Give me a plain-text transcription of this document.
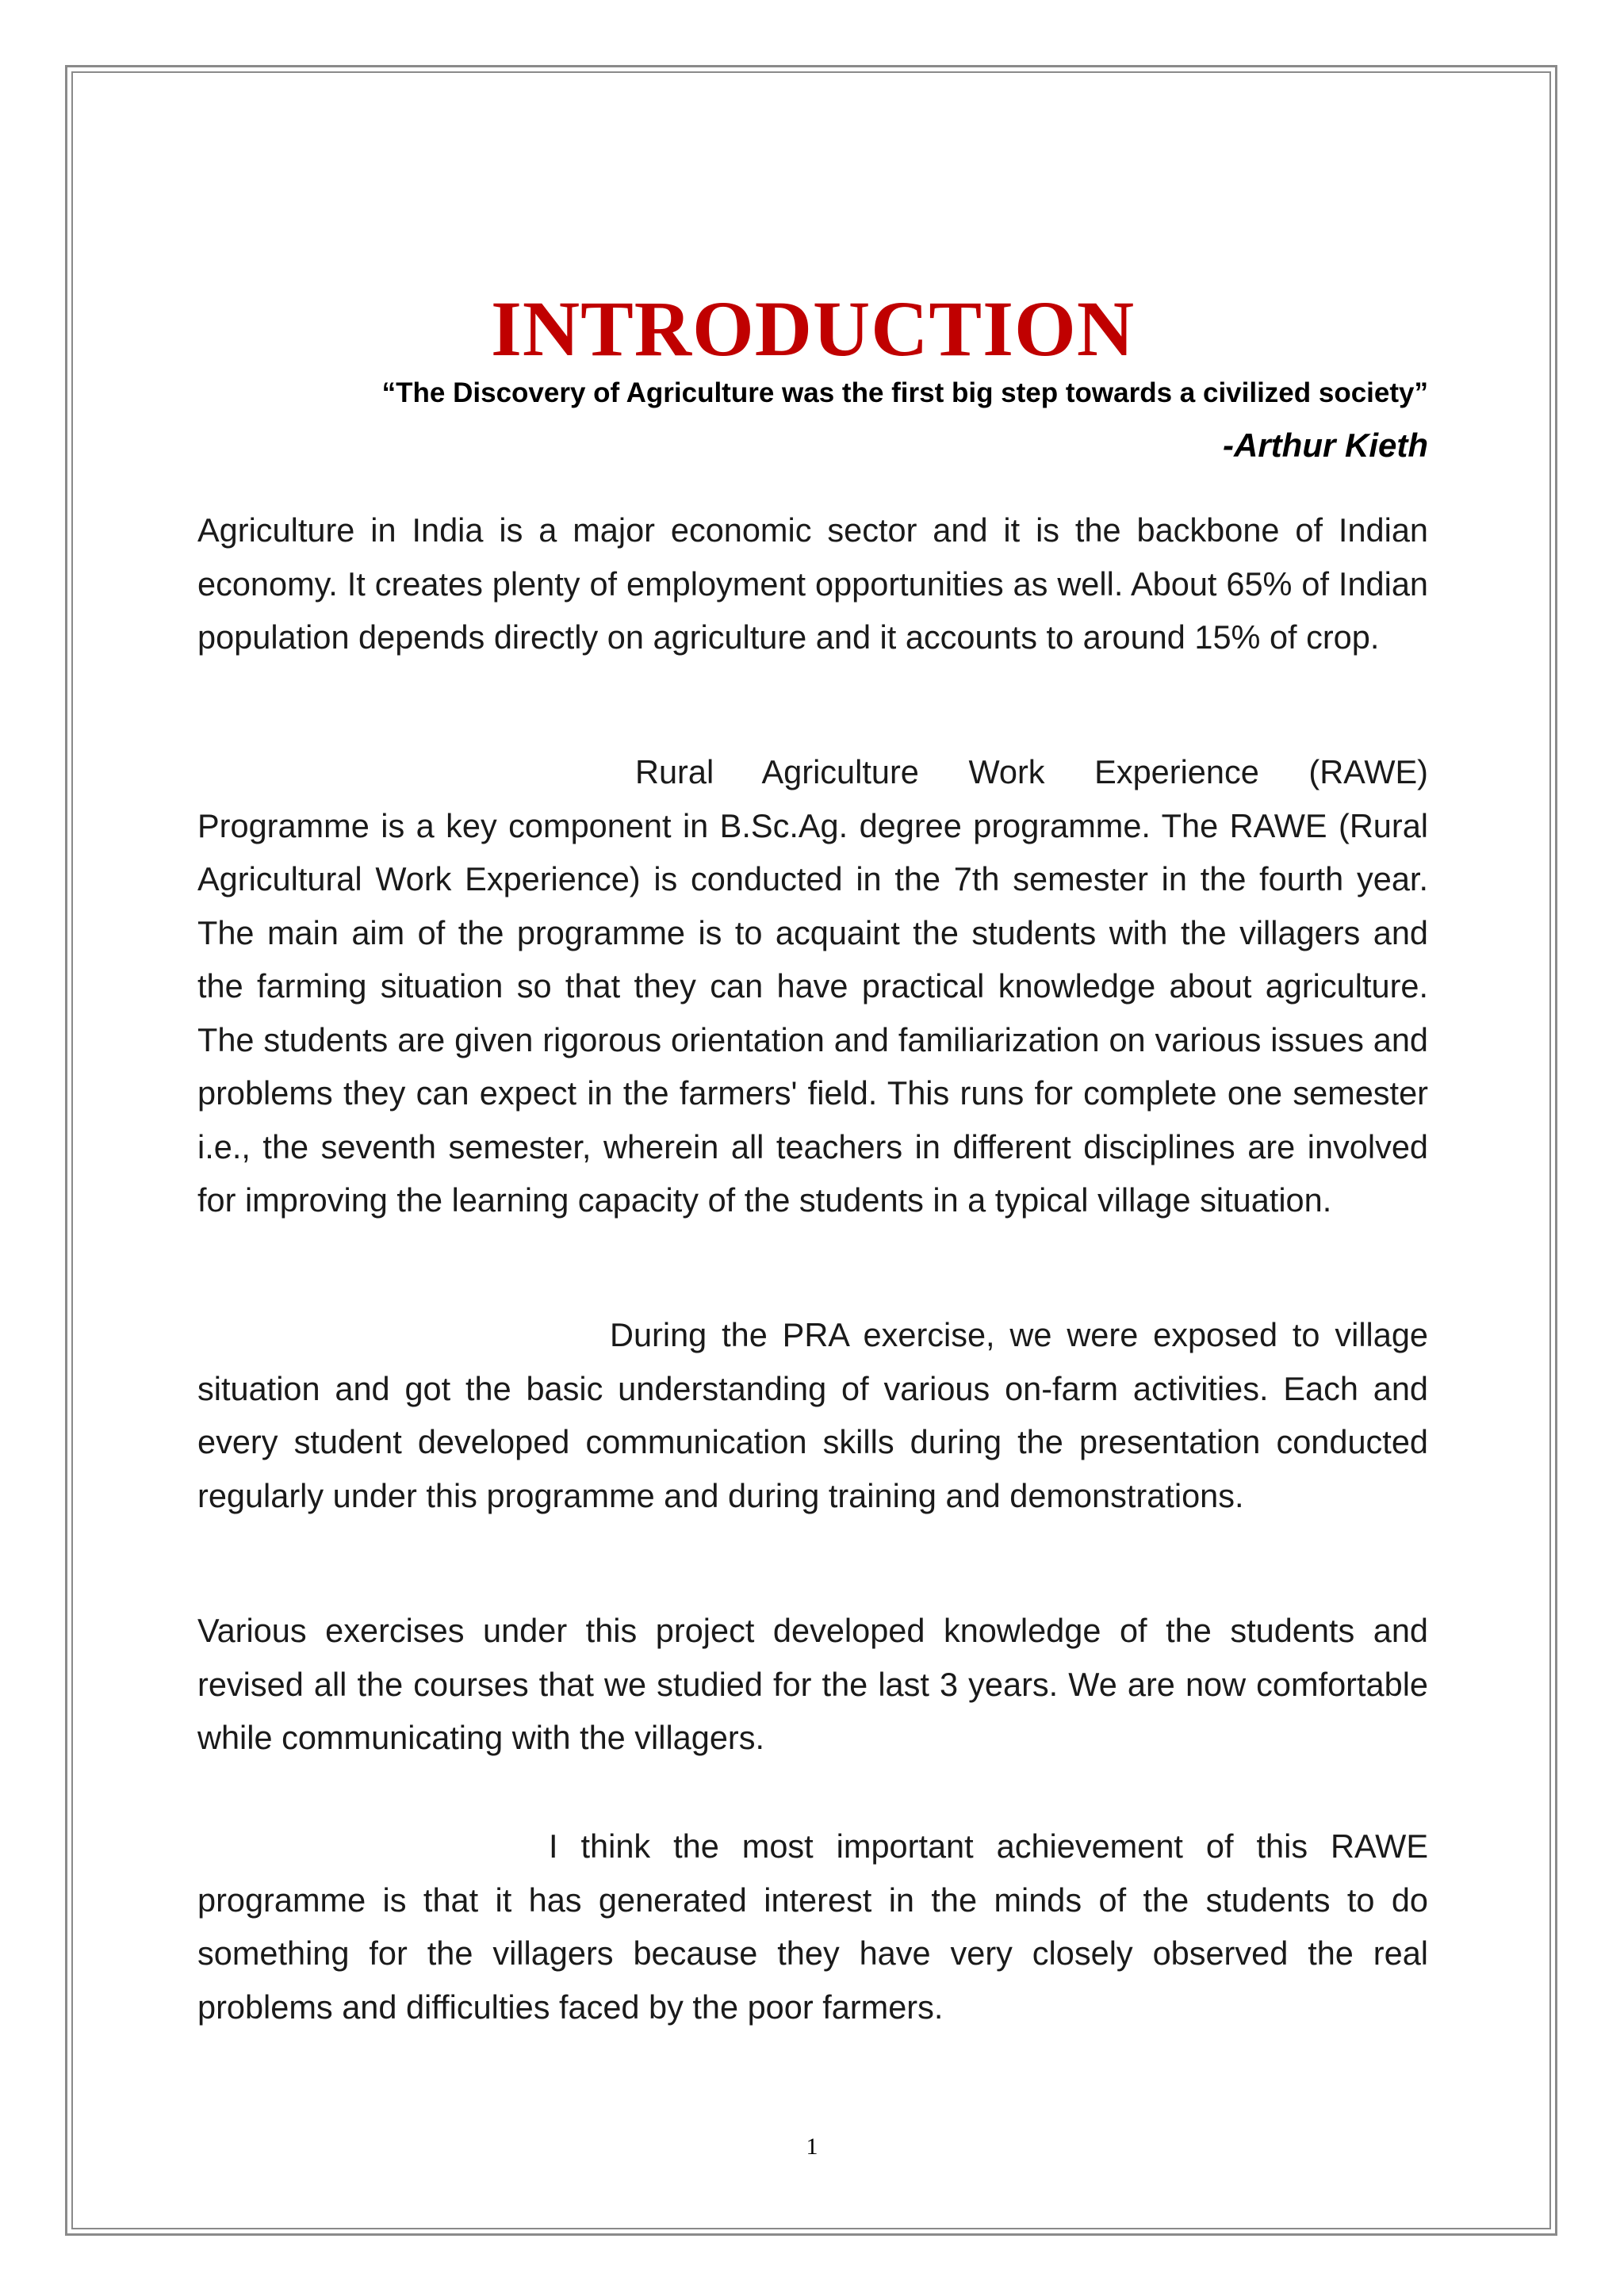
INTRODUCTION

“The Discovery of Agriculture was the first big step towards a civilized society”

-Arthur Kieth

Agriculture in India is a major economic sector and it is the backbone of Indian economy. It creates plenty of employment opportunities as well. About 65% of Indian population depends directly on agriculture and it accounts to around 15% of crop.

Rural Agriculture Work Experience (RAWE) Programme is a key component in B.Sc.Ag. degree programme. The RAWE (Rural Agricultural Work Experience) is conducted in the 7th semester in the fourth year. The main aim of the programme is to acquaint the students with the villagers and the farming situation so that they can have practical knowledge about agriculture. The students are given rigorous orientation and familiarization on various issues and problems they can expect in the farmers' field. This runs for complete one semester i.e., the seventh semester, wherein all teachers in different disciplines are involved for improving the learning capacity of the students in a typical village situation.

During the PRA exercise, we were exposed to village situation and got the basic understanding of various on-farm activities. Each and every student developed communication skills during the presentation conducted regularly under this programme and during training and demonstrations.

Various exercises under this project developed knowledge of the students and revised all the courses that we studied for the last 3 years. We are now comfortable while communicating with the villagers.

I think the most important achievement of this RAWE programme is that it has generated interest in the minds of the students to do something for the villagers because they have very closely observed the real problems and difficulties faced by the poor farmers.

1
